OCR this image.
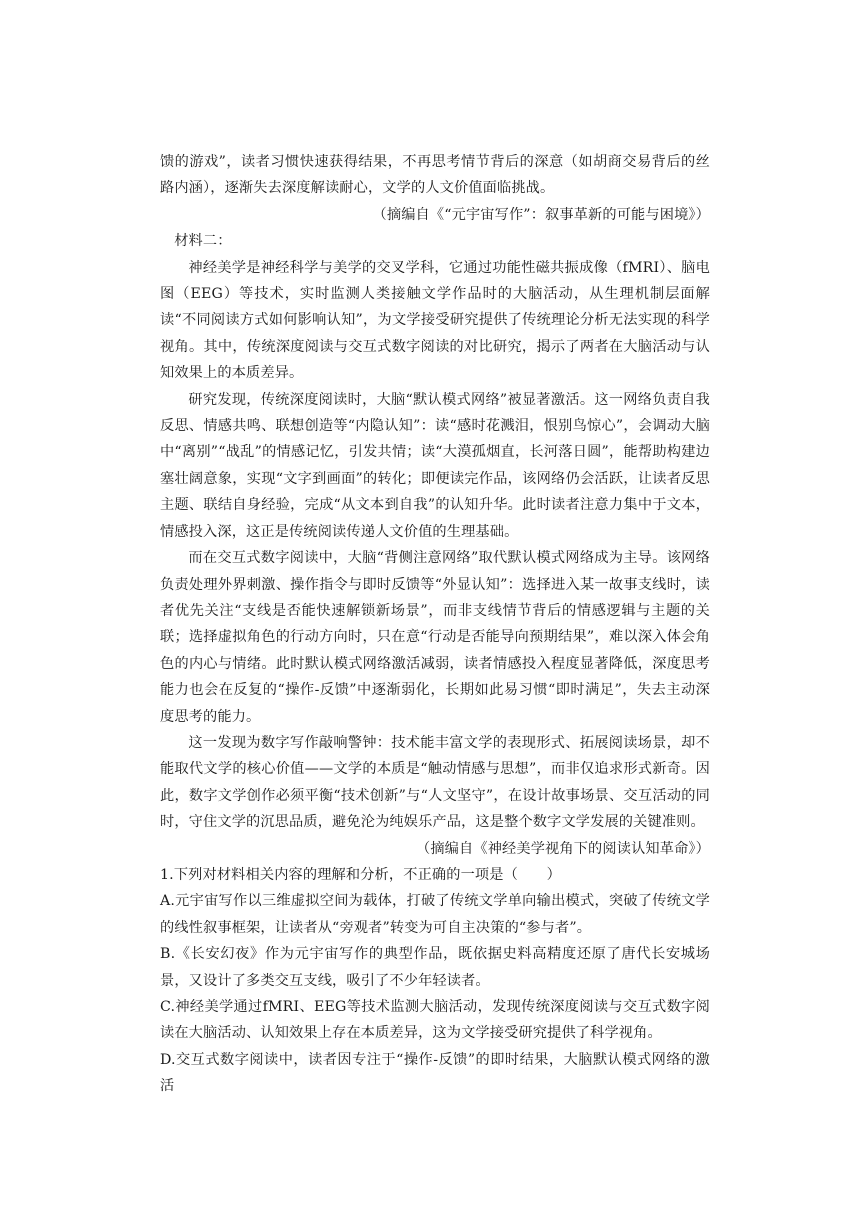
馈的游戏”，读者习惯快速获得结果，不再思考情节背后的深意（如胡商交易背后的丝路内涵），逐渐失去深度解读耐心，文学的人文价值面临挑战。

（摘编自《“元宇宙写作”：叙事革新的可能与困境》）

材料二：

神经美学是神经科学与美学的交叉学科，它通过功能性磁共振成像（fMRI）、脑电图（EEG）等技术，实时监测人类接触文学作品时的大脑活动，从生理机制层面解读“不同阅读方式如何影响认知”，为文学接受研究提供了传统理论分析无法实现的科学视角。其中，传统深度阅读与交互式数字阅读的对比研究，揭示了两者在大脑活动与认知效果上的本质差异。

研究发现，传统深度阅读时，大脑“默认模式网络”被显著激活。这一网络负责自我反思、情感共鸣、联想创造等“内隐认知”：读“感时花溅泪，恨别鸟惊心”，会调动大脑中“离别”“战乱”的情感记忆，引发共情；读“大漠孤烟直，长河落日圆”，能帮助构建边塞壮阔意象，实现“文字到画面”的转化；即便读完作品，该网络仍会活跃，让读者反思主题、联结自身经验，完成“从文本到自我”的认知升华。此时读者注意力集中于文本，情感投入深，这正是传统阅读传递人文价值的生理基础。

而在交互式数字阅读中，大脑“背侧注意网络”取代默认模式网络成为主导。该网络负责处理外界刺激、操作指令与即时反馈等“外显认知”：选择进入某一故事支线时，读者优先关注“支线是否能快速解锁新场景”，而非支线情节背后的情感逻辑与主题的关联；选择虚拟角色的行动方向时，只在意“行动是否能导向预期结果”，难以深入体会角色的内心与情绪。此时默认模式网络激活减弱，读者情感投入程度显著降低，深度思考能力也会在反复的“操作-反馈”中逐渐弱化，长期如此易习惯“即时满足”，失去主动深度思考的能力。

这一发现为数字写作敲响警钟：技术能丰富文学的表现形式、拓展阅读场景，却不能取代文学的核心价值——文学的本质是“触动情感与思想”，而非仅追求形式新奇。因此，数字文学创作必须平衡“技术创新”与“人文坚守”，在设计故事场景、交互活动的同时，守住文学的沉思品质，避免沦为纯娱乐产品，这是整个数字文学发展的关键准则。

（摘编自《神经美学视角下的阅读认知革命》）

1.下列对材料相关内容的理解和分析，不正确的一项是（　　）

A.元宇宙写作以三维虚拟空间为载体，打破了传统文学单向输出模式，突破了传统文学的线性叙事框架，让读者从“旁观者”转变为可自主决策的“参与者”。

B.《长安幻夜》作为元宇宙写作的典型作品，既依据史料高精度还原了唐代长安城场景，又设计了多类交互支线，吸引了不少年轻读者。

C.神经美学通过fMRI、EEG等技术监测大脑活动，发现传统深度阅读与交互式数字阅读在大脑活动、认知效果上存在本质差异，这为文学接受研究提供了科学视角。

D.交互式数字阅读中，读者因专注于“操作-反馈”的即时结果，大脑默认模式网络的激活
